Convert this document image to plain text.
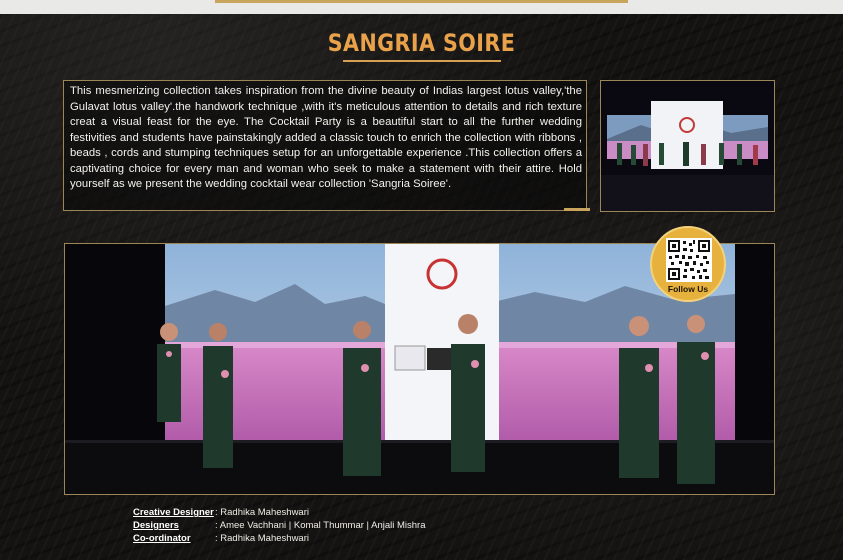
SANGRIA SOIRE

This mesmerizing collection takes inspiration from the divine beauty of Indias largest lotus valley,'the Gulavat lotus valley'.the handwork technique ,with it's meticulous attention to details and rich texture creat a visual feast for the eye. The Cocktail Party is a beautiful start to all the further wedding festivities and students have painstakingly added a classic touch to enrich the collection with ribbons , beads , cords and stumping techniques setup for an unforgettable experience .This collection offers a captivating choice for every man and woman who seek to make a statement with their attire. Hold yourself as we present the wedding cocktail wear collection 'Sangria Soiree'.

Follow Us
Creative Designer : Radhika Maheshwari
Designers	: Amee Vachhani | Komal Thummar | Anjali Mishra
Co-ordinator	: Radhika Maheshwari
